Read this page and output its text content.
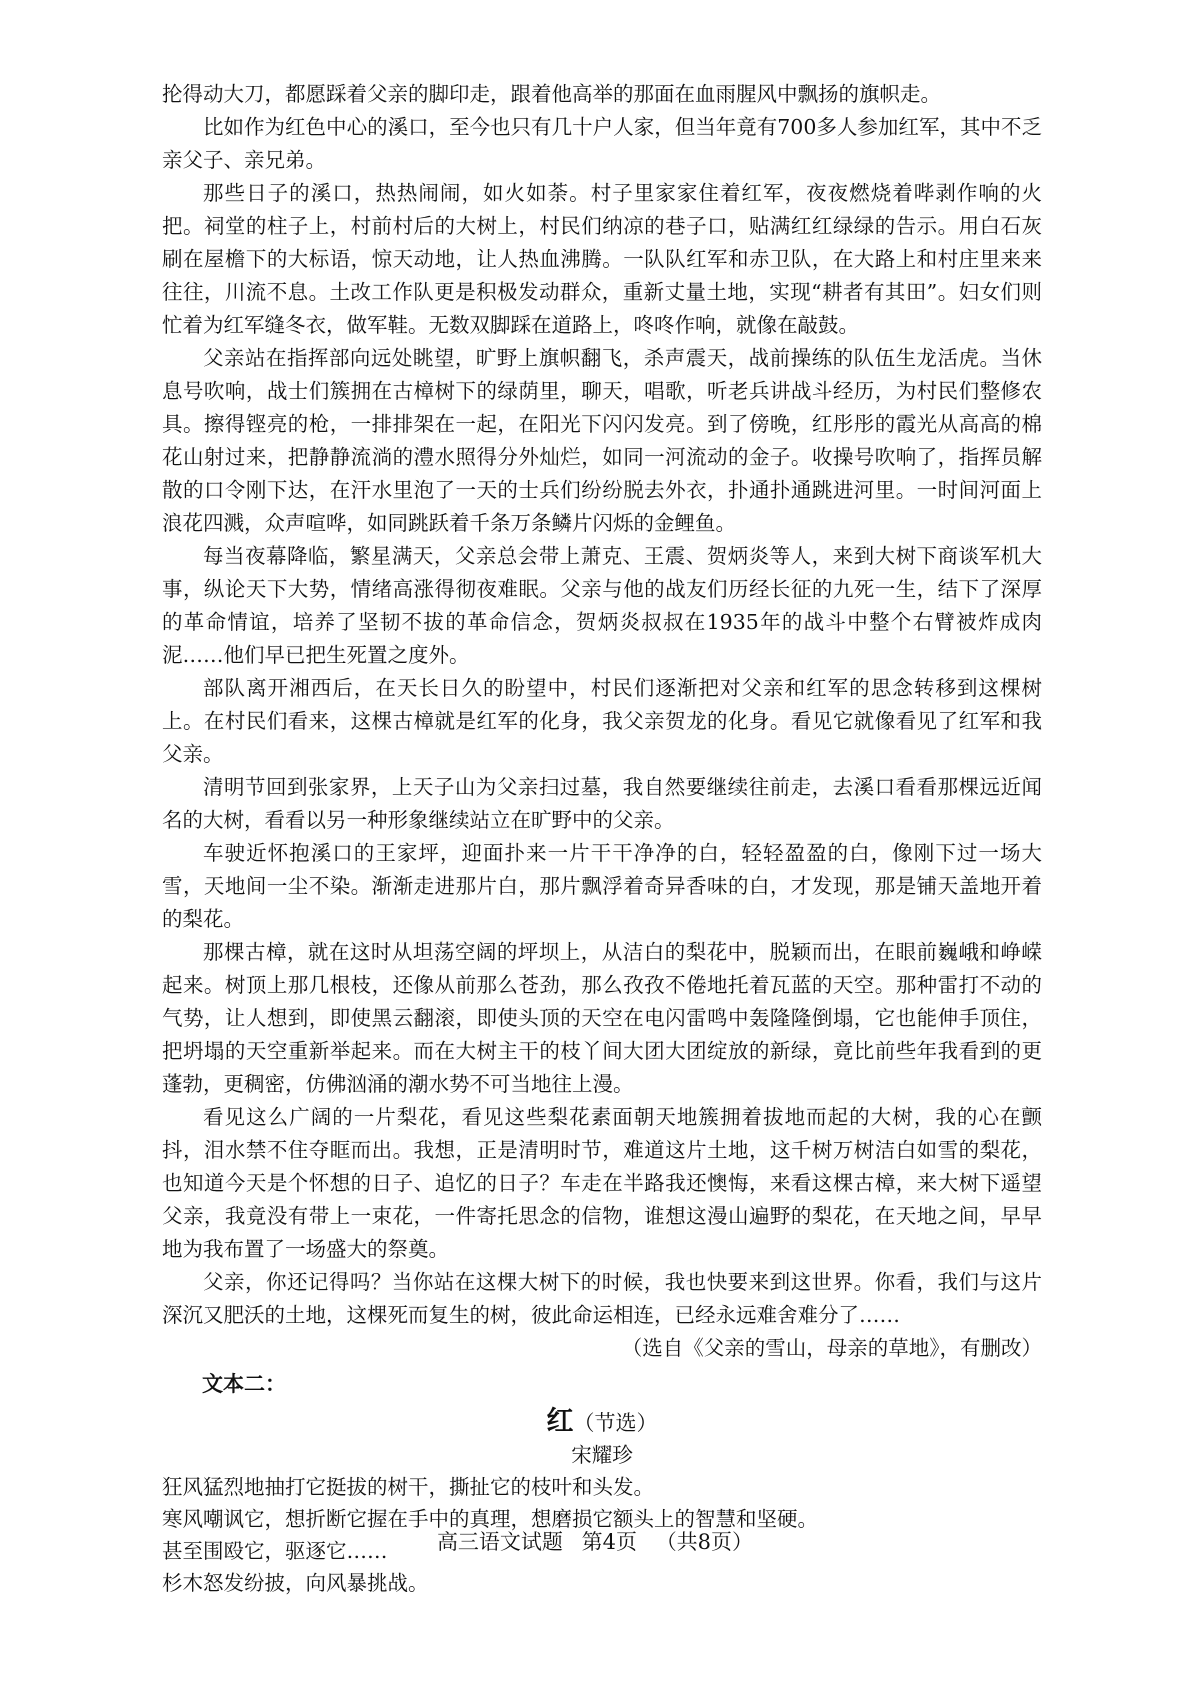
抡得动大刀，都愿踩着父亲的脚印走，跟着他高举的那面在血雨腥风中飘扬的旗帜走。

比如作为红色中心的溪口，至今也只有几十户人家，但当年竟有700多人参加红军，其中不乏亲父子、亲兄弟。

那些日子的溪口，热热闹闹，如火如荼。村子里家家住着红军，夜夜燃烧着哔剥作响的火把。祠堂的柱子上，村前村后的大树上，村民们纳凉的巷子口，贴满红红绿绿的告示。用白石灰刷在屋檐下的大标语，惊天动地，让人热血沸腾。一队队红军和赤卫队，在大路上和村庄里来来往往，川流不息。土改工作队更是积极发动群众，重新丈量土地，实现“耕者有其田”。妇女们则忙着为红军缝冬衣，做军鞋。无数双脚踩在道路上，咚咚作响，就像在敲鼓。

父亲站在指挥部向远处眺望，旷野上旗帜翻飞，杀声震天，战前操练的队伍生龙活虎。当休息号吹响，战士们簇拥在古樟树下的绿荫里，聊天，唱歌，听老兵讲战斗经历，为村民们整修农具。擦得铿亮的枪，一排排架在一起，在阳光下闪闪发亮。到了傍晚，红彤彤的霞光从高高的棉花山射过来，把静静流淌的澧水照得分外灿烂，如同一河流动的金子。收操号吹响了，指挥员解散的口令刚下达，在汗水里泡了一天的士兵们纷纷脱去外衣，扑通扑通跳进河里。一时间河面上浪花四溅，众声喧哗，如同跳跃着千条万条鳞片闪烁的金鲤鱼。

每当夜幕降临，繁星满天，父亲总会带上萧克、王震、贺炳炎等人，来到大树下商谈军机大事，纵论天下大势，情绪高涨得彻夜难眠。父亲与他的战友们历经长征的九死一生，结下了深厚的革命情谊，培养了坚韧不拔的革命信念，贺炳炎叔叔在1935年的战斗中整个右臂被炸成肉泥……他们早已把生死置之度外。

部队离开湘西后，在天长日久的盼望中，村民们逐渐把对父亲和红军的思念转移到这棵树上。在村民们看来，这棵古樟就是红军的化身，我父亲贺龙的化身。看见它就像看见了红军和我父亲。

清明节回到张家界，上天子山为父亲扫过墓，我自然要继续往前走，去溪口看看那棵远近闻名的大树，看看以另一种形象继续站立在旷野中的父亲。

车驶近怀抱溪口的王家坪，迎面扑来一片干干净净的白，轻轻盈盈的白，像刚下过一场大雪，天地间一尘不染。渐渐走进那片白，那片飘浮着奇异香味的白，才发现，那是铺天盖地开着的梨花。

那棵古樟，就在这时从坦荡空阔的坪坝上，从洁白的梨花中，脱颖而出，在眼前巍峨和峥嵘起来。树顶上那几根枝，还像从前那么苍劲，那么孜孜不倦地托着瓦蓝的天空。那种雷打不动的气势，让人想到，即使黑云翻滚，即使头顶的天空在电闪雷鸣中轰隆隆倒塌，它也能伸手顶住，把坍塌的天空重新举起来。而在大树主干的枝丫间大团大团绽放的新绿，竟比前些年我看到的更蓬勃，更稠密，仿佛汹涌的潮水势不可当地往上漫。

看见这么广阔的一片梨花，看见这些梨花素面朝天地簇拥着拔地而起的大树，我的心在颤抖，泪水禁不住夺眶而出。我想，正是清明时节，难道这片土地，这千树万树洁白如雪的梨花，也知道今天是个怀想的日子、追忆的日子？车走在半路我还懊悔，来看这棵古樟，来大树下遥望父亲，我竟没有带上一束花，一件寄托思念的信物，谁想这漫山遍野的梨花，在天地之间，早早地为我布置了一场盛大的祭奠。

父亲，你还记得吗？当你站在这棵大树下的时候，我也快要来到这世界。你看，我们与这片深沉又肥沃的土地，这棵死而复生的树，彼此命运相连，已经永远难舍难分了……

（选自《父亲的雪山，母亲的草地》，有删改）

文本二：

红（节选）

宋耀珍

狂风猛烈地抽打它挺拔的树干，撕扯它的枝叶和头发。

寒风嘲讽它，想折断它握在手中的真理，想磨损它额头上的智慧和坚硬。

甚至围殴它，驱逐它……

杉木怒发纷披，向风暴挑战。

高三语文试题 第4页 （共8页）
